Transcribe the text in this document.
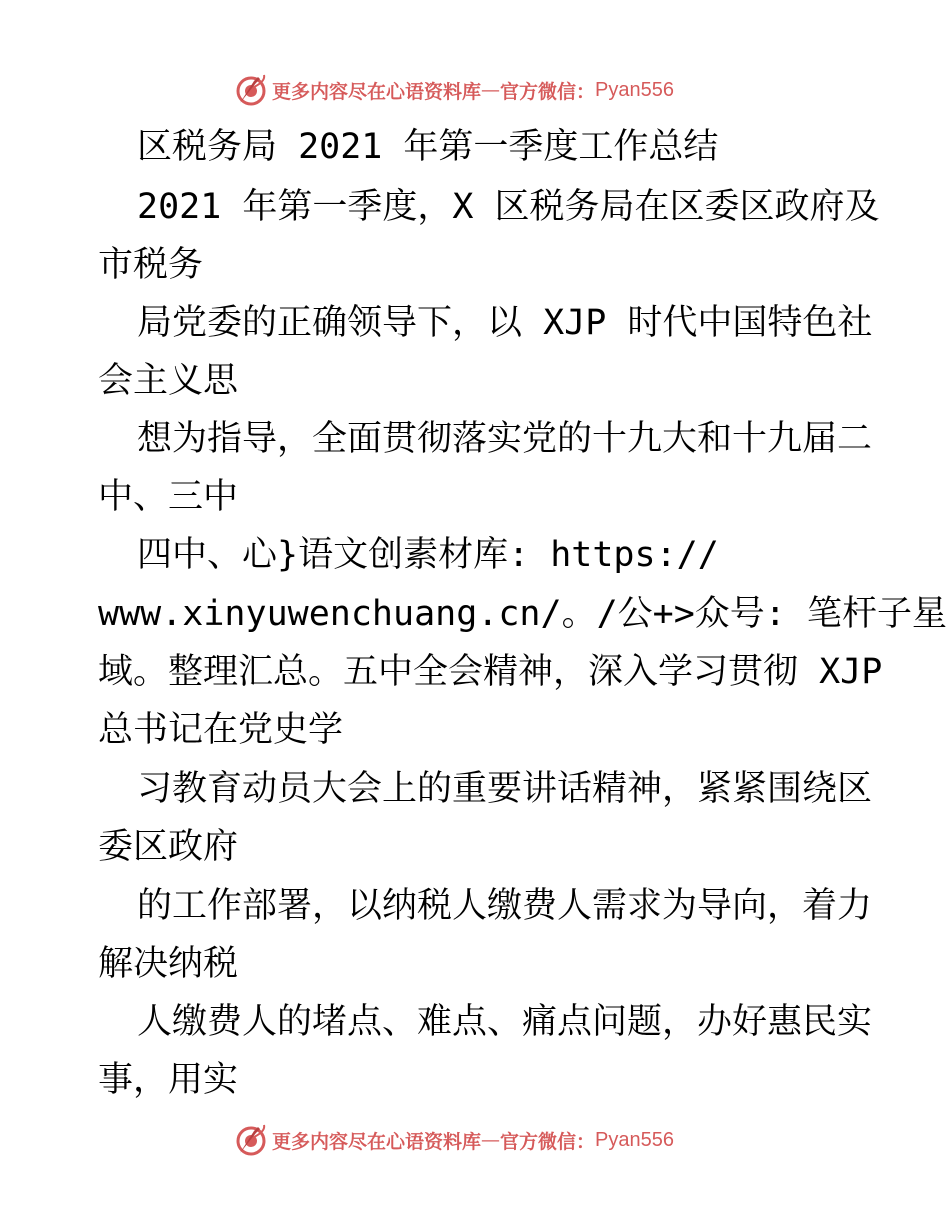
更多内容尽在心语资料库 — 官方微信： Pyan556
区税务局 2021 年第一季度工作总结
2021 年第一季度，X 区税务局在区委区政府及
市税务
局党委的正确领导下，以 XJP 时代中国特色社
会主义思
想为指导，全面贯彻落实党的十九大和十九届二
中、三中
四中、心}语文创素材库: https://
www.xinyuwenchuang.cn/。/公+>众号: 笔杆子星
域。整理汇总。五中全会精神，深入学习贯彻 XJP
总书记在党史学
习教育动员大会上的重要讲话精神，紧紧围绕区
委区政府
的工作部署，以纳税人缴费人需求为导向，着力
解决纳税
人缴费人的堵点、难点、痛点问题，办好惠民实
事，用实
更多内容尽在心语资料库 — 官方微信： Pyan556
